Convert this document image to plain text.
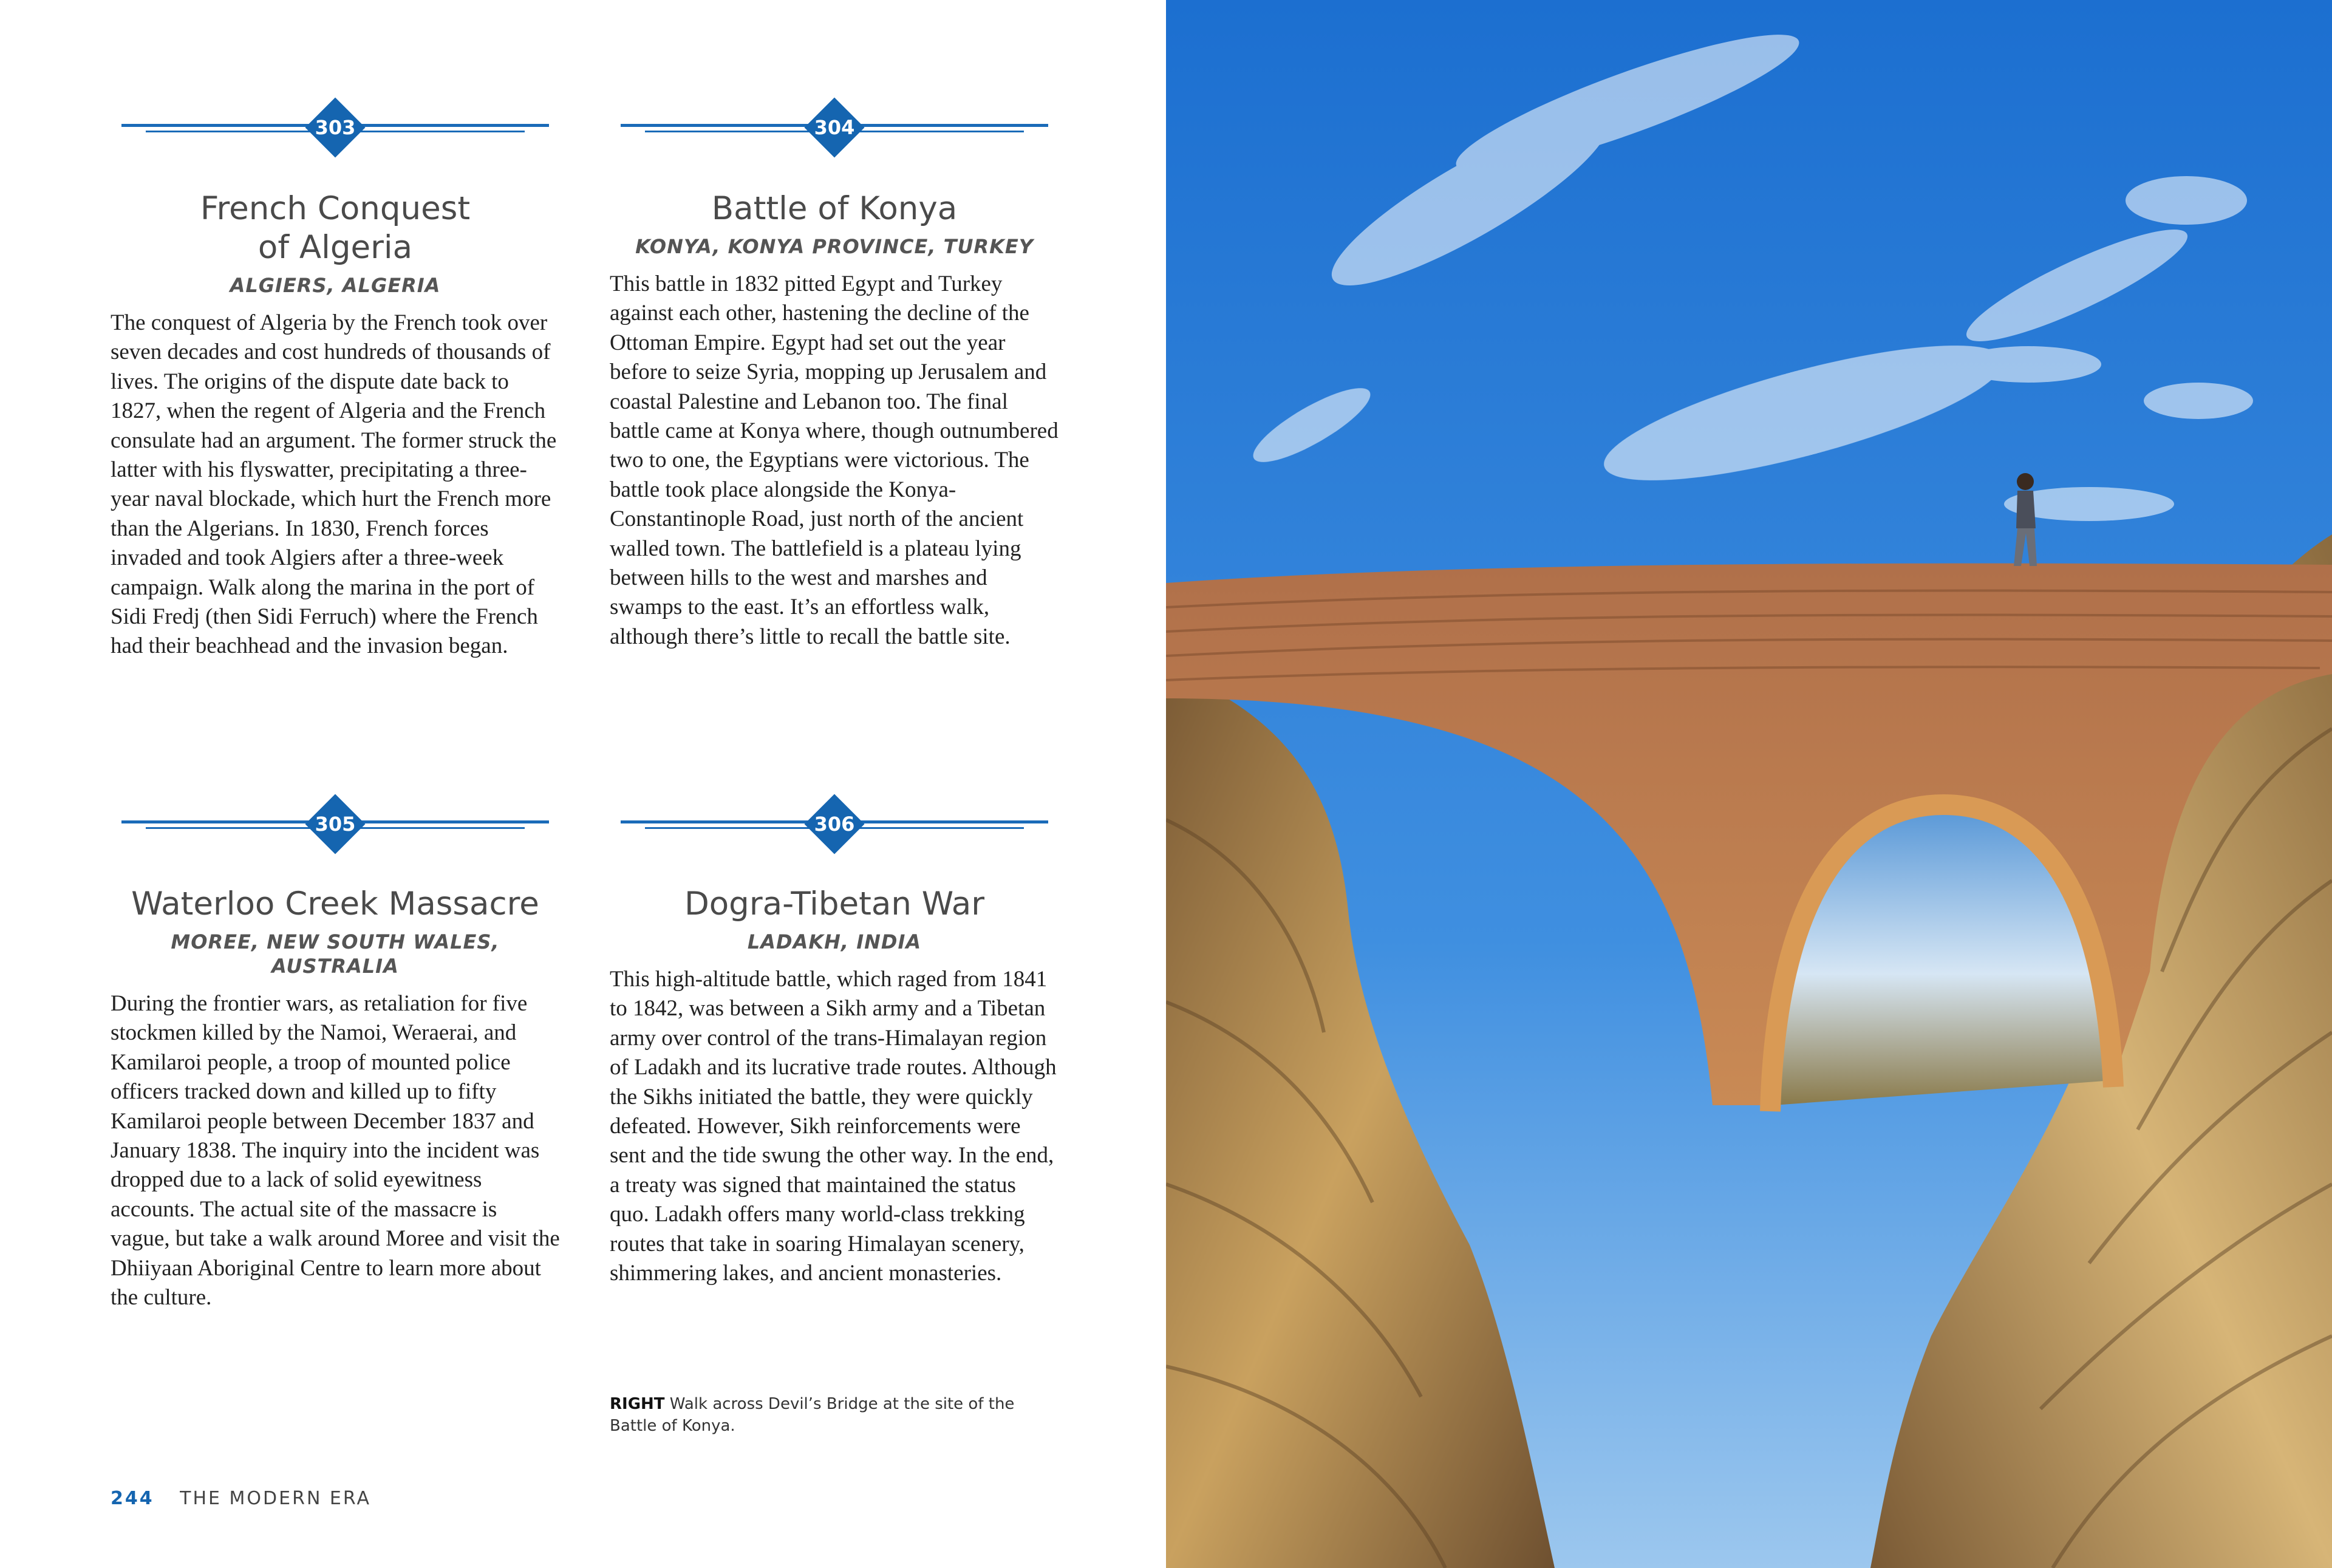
303
French Conquest
of Algeria
ALGIERS, ALGERIA

The conquest of Algeria by the French took over seven decades and cost hundreds of thousands of lives. The origins of the dispute date back to 1827, when the regent of Algeria and the French consulate had an argument. The former struck the latter with his flyswatter, precipitating a three-year naval blockade, which hurt the French more than the Algerians. In 1830, French forces invaded and took Algiers after a three-week campaign. Walk along the marina in the port of Sidi Fredj (then Sidi Ferruch) where the French had their beachhead and the invasion began.

304
Battle of Konya
KONYA, KONYA PROVINCE, TURKEY

This battle in 1832 pitted Egypt and Turkey against each other, hastening the decline of the Ottoman Empire. Egypt had set out the year before to seize Syria, mopping up Jerusalem and coastal Palestine and Lebanon too. The final battle came at Konya where, though outnumbered two to one, the Egyptians were victorious. The battle took place alongside the Konya-Constantinople Road, just north of the ancient walled town. The battlefield is a plateau lying between hills to the west and marshes and swamps to the east. It’s an effortless walk, although there’s little to recall the battle site.

305
Waterloo Creek Massacre
MOREE, NEW SOUTH WALES, AUSTRALIA

During the frontier wars, as retaliation for five stockmen killed by the Namoi, Weraerai, and Kamilaroi people, a troop of mounted police officers tracked down and killed up to fifty Kamilaroi people between December 1837 and January 1838. The inquiry into the incident was dropped due to a lack of solid eyewitness accounts. The actual site of the massacre is vague, but take a walk around Moree and visit the Dhiiyaan Aboriginal Centre to learn more about the culture.

306
Dogra-Tibetan War
LADAKH, INDIA

This high-altitude battle, which raged from 1841 to 1842, was between a Sikh army and a Tibetan army over control of the trans-Himalayan region of Ladakh and its lucrative trade routes. Although the Sikhs initiated the battle, they were quickly defeated. However, Sikh reinforcements were sent and the tide swung the other way. In the end, a treaty was signed that maintained the status quo. Ladakh offers many world-class trekking routes that take in soaring Himalayan scenery, shimmering lakes, and ancient monasteries.

RIGHT Walk across Devil’s Bridge at the site of the Battle of Konya.
244 THE MODERN ERA
